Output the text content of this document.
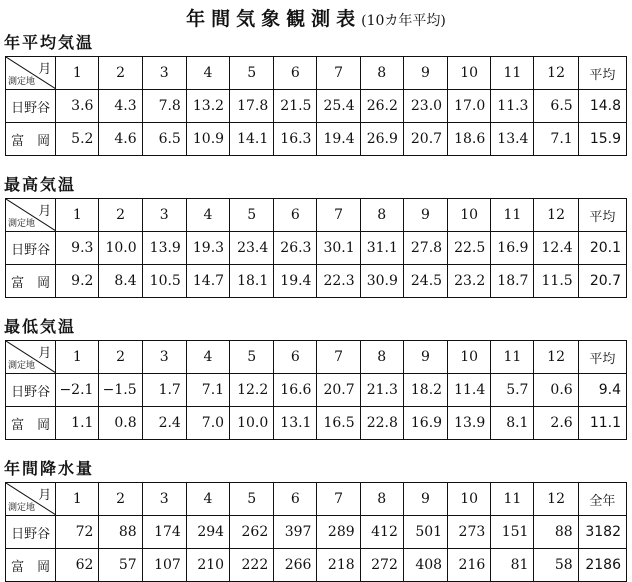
年間気象観測表(10カ年平均)
年平均気温
月
測定地	1	2	3	4	5	6	7	8	9	10	11	12	平均
日野谷	3.6	4.3	7.8	13.2	17.8	21.5	25.4	26.2	23.0	17.0	11.3	6.5	14.8
富　岡	5.2	4.6	6.5	10.9	14.1	16.3	19.4	26.9	20.7	18.6	13.4	7.1	15.9
最高気温
月
測定地	1	2	3	4	5	6	7	8	9	10	11	12	平均
日野谷	9.3	10.0	13.9	19.3	23.4	26.3	30.1	31.1	27.8	22.5	16.9	12.4	20.1
富　岡	9.2	8.4	10.5	14.7	18.1	19.4	22.3	30.9	24.5	23.2	18.7	11.5	20.7
最低気温
月
測定地	1	2	3	4	5	6	7	8	9	10	11	12	平均
日野谷	−2.1	−1.5	1.7	7.1	12.2	16.6	20.7	21.3	18.2	11.4	5.7	0.6	9.4
富　岡	1.1	0.8	2.4	7.0	10.0	13.1	16.5	22.8	16.9	13.9	8.1	2.6	11.1
年間降水量
月
測定地	1	2	3	4	5	6	7	8	9	10	11	12	全年
日野谷	72	88	174	294	262	397	289	412	501	273	151	88	3182
富　岡	62	57	107	210	222	266	218	272	408	216	81	58	2186
